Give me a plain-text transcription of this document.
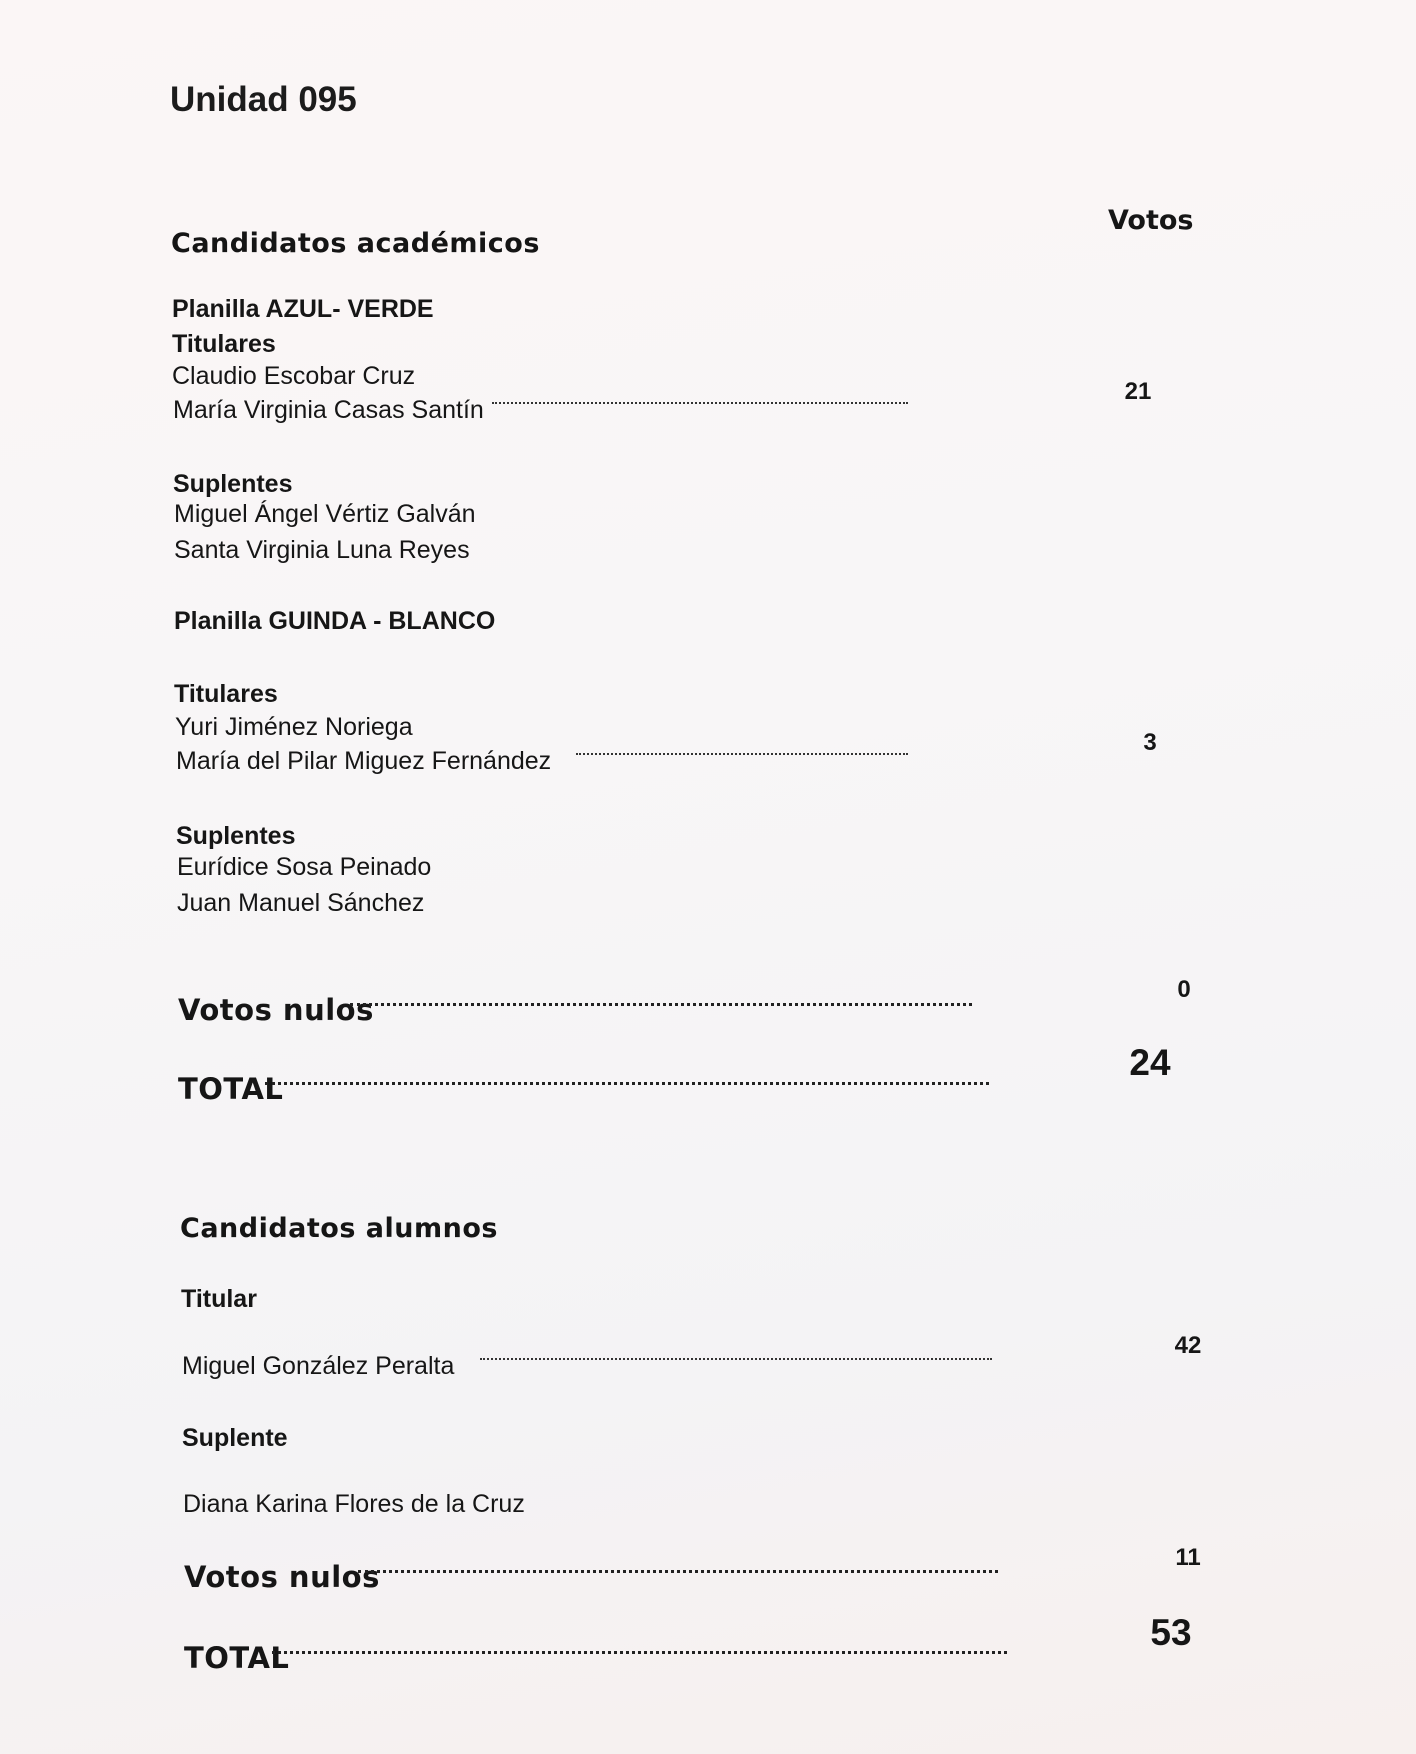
Unidad 095
Candidatos académicos
Votos
Planilla AZUL- VERDE
Titulares
Claudio Escobar Cruz
María Virginia Casas Santín
21
Suplentes
Miguel Ángel Vértiz Galván
Santa Virginia Luna Reyes
Planilla GUINDA - BLANCO
Titulares
Yuri Jiménez Noriega
María del Pilar Miguez Fernández
3
Suplentes
Eurídice Sosa Peinado
Juan Manuel Sánchez
Votos nulos
0
TOTAL
24
Candidatos alumnos
Titular
Miguel González Peralta
42
Suplente
Diana Karina Flores de la Cruz
Votos nulos
11
TOTAL
53
